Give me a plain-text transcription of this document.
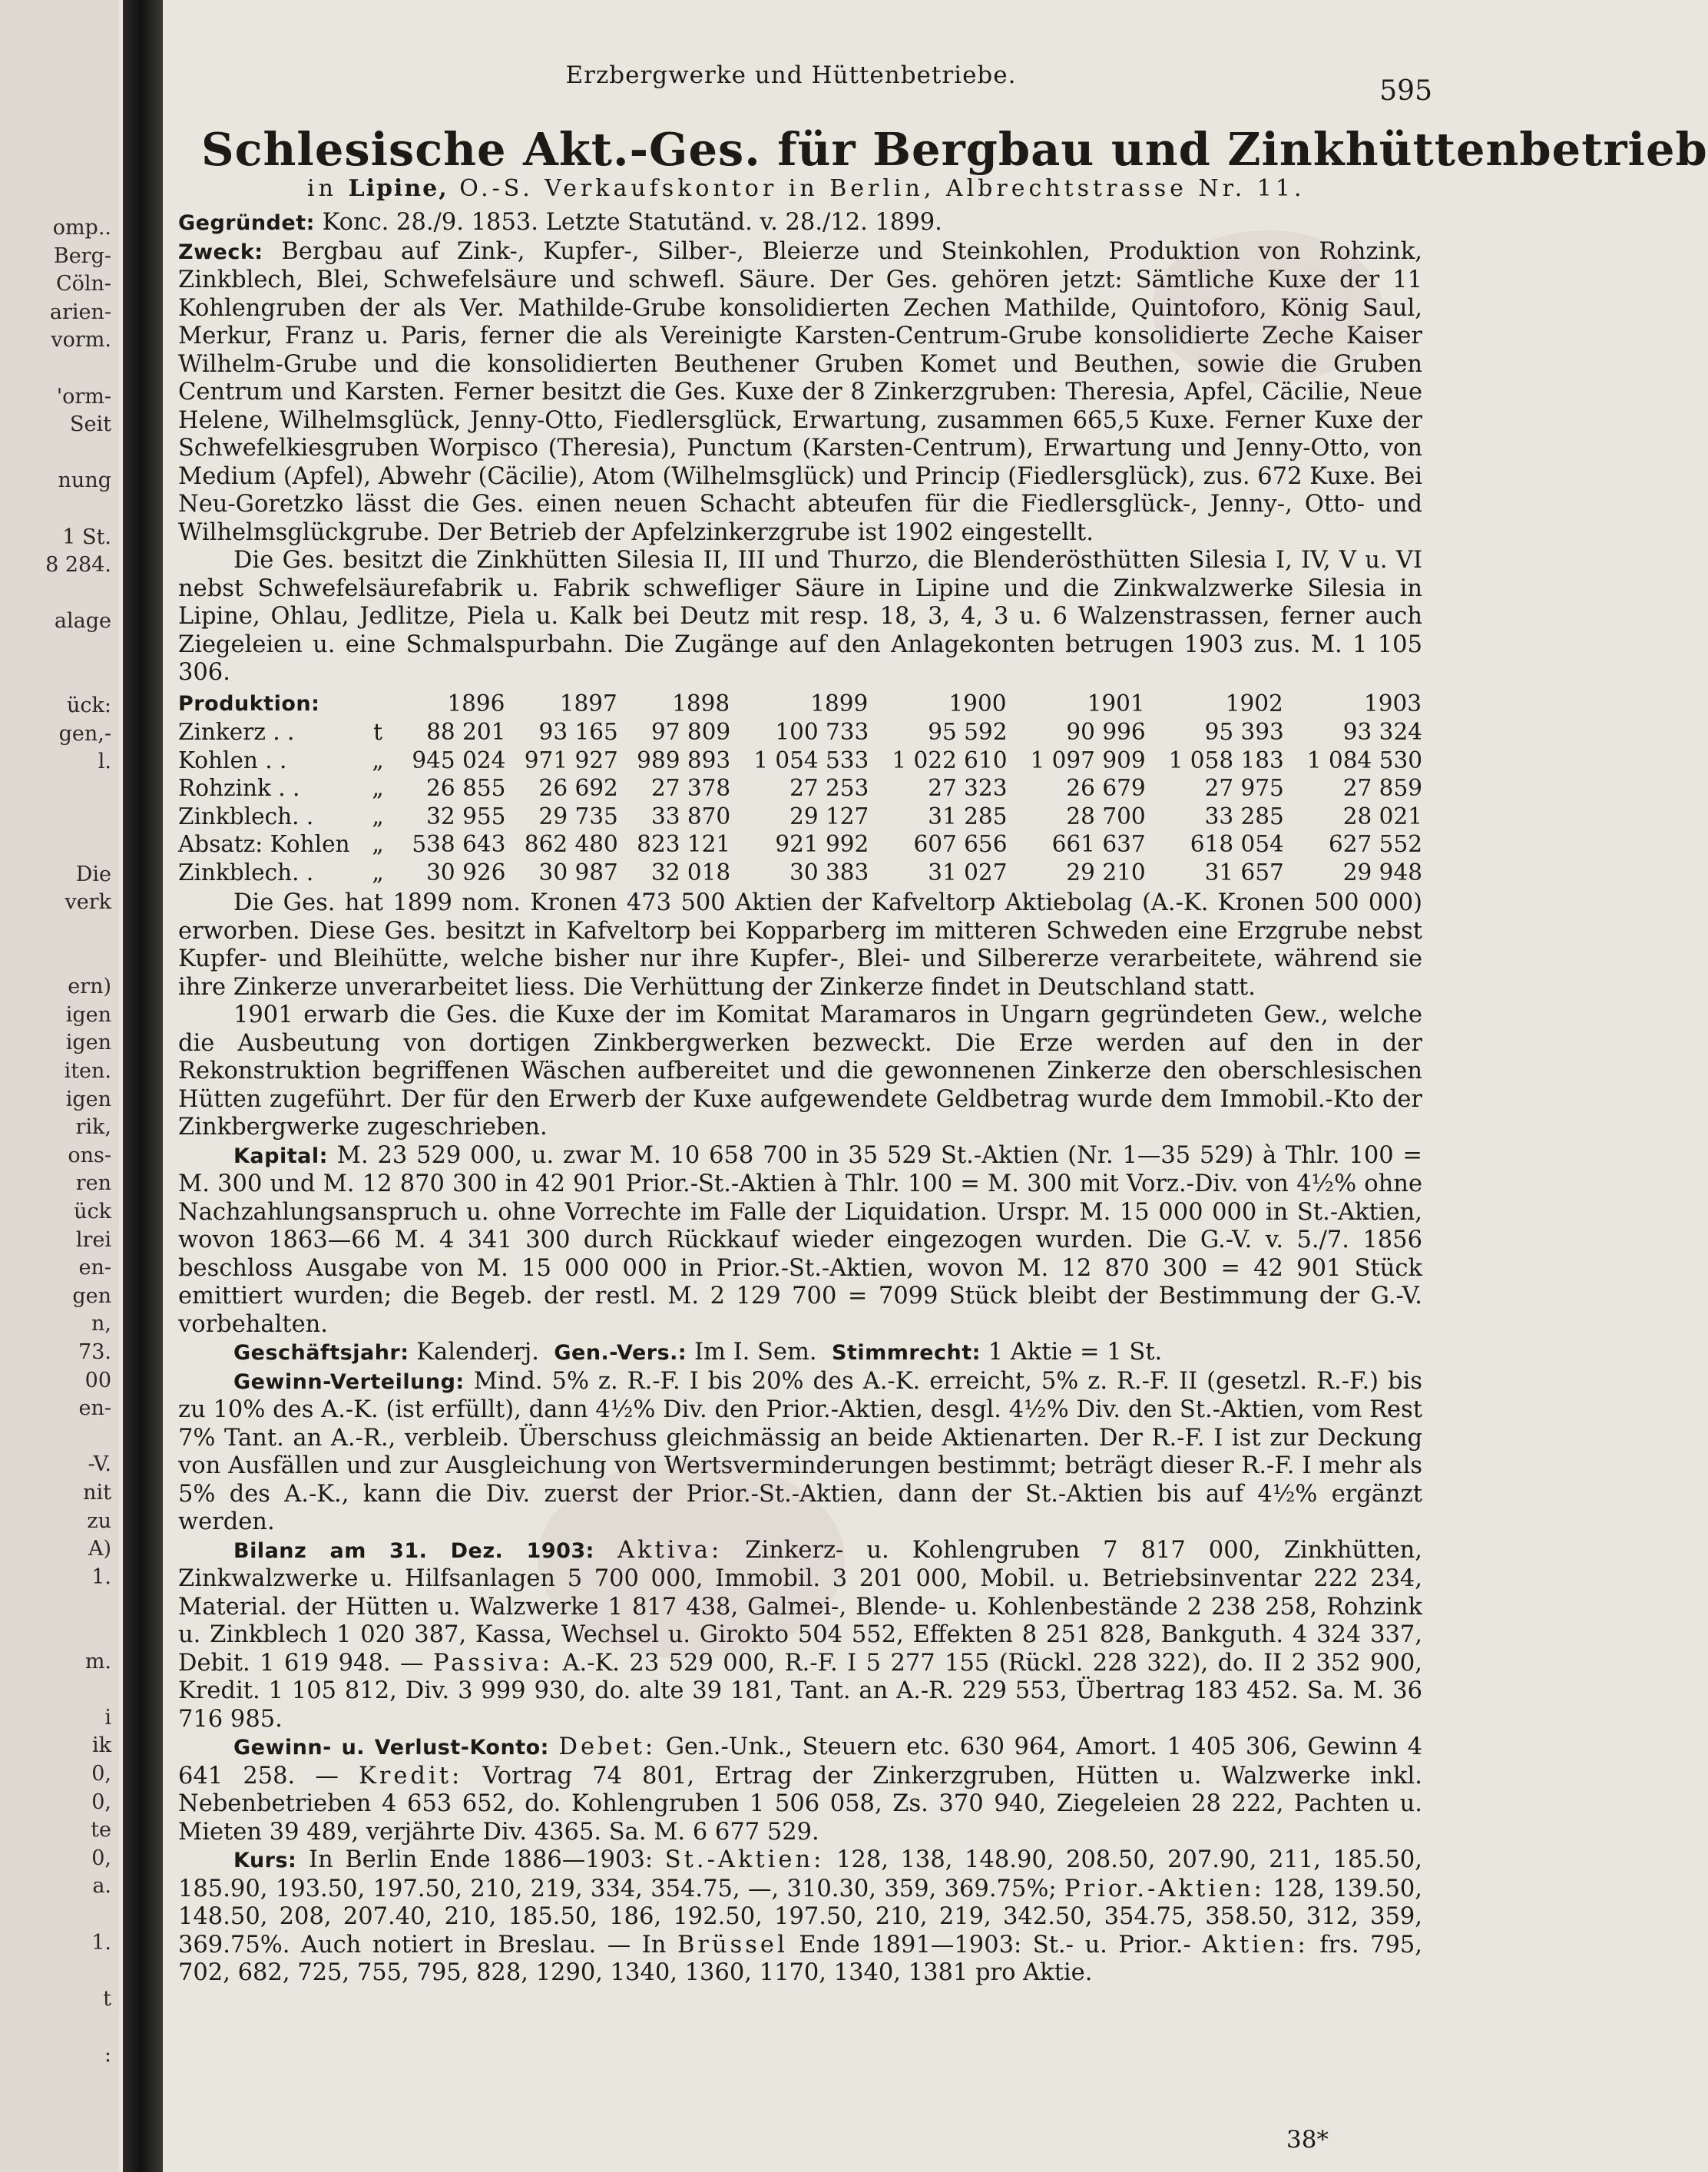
omp..
Berg-
Cöln-
arien-
vorm.
'orm-
Seit
nung
1 St.
8 284.
alage
ück:
gen,-
l.
Die
verk
ern)
igen
igen
iten.
igen
rik,
ons-
ren
ück
lrei
en-
gen
n,
73.
00
en-
-V.
nit
zu
A)
1.
m.
i
ik
0,
0,
te
0,
a.
1.
t
:
Erzbergwerke und Hüttenbetriebe.	595
Schlesische Akt.-Ges. für Bergbau und Zinkhüttenbetrieb
in Lipine, O.-S. Verkaufskontor in Berlin, Albrechtstrasse Nr. 11.

Gegründet: Konc. 28./9. 1853. Letzte Statutänd. v. 28./12. 1899.

Zweck: Bergbau auf Zink-, Kupfer-, Silber-, Bleierze und Steinkohlen, Produktion von Rohzink, Zinkblech, Blei, Schwefelsäure und schwefl. Säure. Der Ges. gehören jetzt: Sämtliche Kuxe der 11 Kohlengruben der als Ver. Mathilde-Grube konsolidierten Zechen Mathilde, Quintoforo, König Saul, Merkur, Franz u. Paris, ferner die als Vereinigte Karsten-Centrum-Grube konsolidierte Zeche Kaiser Wilhelm-Grube und die konsolidierten Beuthener Gruben Komet und Beuthen, sowie die Gruben Centrum und Karsten. Ferner besitzt die Ges. Kuxe der 8 Zinkerzgruben: Theresia, Apfel, Cäcilie, Neue Helene, Wilhelmsglück, Jenny-Otto, Fiedlersglück, Erwartung, zusammen 665,5 Kuxe. Ferner Kuxe der Schwefelkiesgruben Worpisco (Theresia), Punctum (Karsten-Centrum), Erwartung und Jenny-Otto, von Medium (Apfel), Abwehr (Cäcilie), Atom (Wilhelmsglück) und Princip (Fiedlersglück), zus. 672 Kuxe. Bei Neu-Goretzko lässt die Ges. einen neuen Schacht abteufen für die Fiedlersglück-, Jenny-, Otto- und Wilhelmsglückgrube. Der Betrieb der Apfelzinkerzgrube ist 1902 eingestellt.

Die Ges. besitzt die Zinkhütten Silesia II, III und Thurzo, die Blenderösthütten Silesia I, IV, V u. VI nebst Schwefelsäurefabrik u. Fabrik schwefliger Säure in Lipine und die Zinkwalzwerke Silesia in Lipine, Ohlau, Jedlitze, Piela u. Kalk bei Deutz mit resp. 18, 3, 4, 3 u. 6 Walzenstrassen, ferner auch Ziegeleien u. eine Schmalspurbahn. Die Zugänge auf den Anlagekonten betrugen 1903 zus. M. 1 105 306.

Produktion:		1896	1897	1898	1899	1900	1901	1902	1903
Zinkerz . .	t	88 201	93 165	97 809	100 733	95 592	90 996	95 393	93 324
Kohlen . .	„	945 024	971 927	989 893	1 054 533	1 022 610	1 097 909	1 058 183	1 084 530
Rohzink . .	„	26 855	26 692	27 378	27 253	27 323	26 679	27 975	27 859
Zinkblech. .	„	32 955	29 735	33 870	29 127	31 285	28 700	33 285	28 021
Absatz: Kohlen	„	538 643	862 480	823 121	921 992	607 656	661 637	618 054	627 552
Zinkblech. .	„	30 926	30 987	32 018	30 383	31 027	29 210	31 657	29 948

Die Ges. hat 1899 nom. Kronen 473 500 Aktien der Kafveltorp Aktiebolag (A.-K. Kronen 500 000) erworben. Diese Ges. besitzt in Kafveltorp bei Kopparberg im mitteren Schweden eine Erzgrube nebst Kupfer- und Bleihütte, welche bisher nur ihre Kupfer-, Blei- und Silbererze verarbeitete, während sie ihre Zinkerze unverarbeitet liess. Die Verhüttung der Zinkerze findet in Deutschland statt.

1901 erwarb die Ges. die Kuxe der im Komitat Maramaros in Ungarn gegründeten Gew., welche die Ausbeutung von dortigen Zinkbergwerken bezweckt. Die Erze werden auf den in der Rekonstruktion begriffenen Wäschen aufbereitet und die gewonnenen Zinkerze den oberschlesischen Hütten zugeführt. Der für den Erwerb der Kuxe aufgewendete Geldbetrag wurde dem Immobil.-Kto der Zinkbergwerke zugeschrieben.

Kapital: M. 23 529 000, u. zwar M. 10 658 700 in 35 529 St.-Aktien (Nr. 1—35 529) à Thlr. 100 = M. 300 und M. 12 870 300 in 42 901 Prior.-St.-Aktien à Thlr. 100 = M. 300 mit Vorz.-Div. von 4½% ohne Nachzahlungsanspruch u. ohne Vorrechte im Falle der Liquidation. Urspr. M. 15 000 000 in St.-Aktien, wovon 1863—66 M. 4 341 300 durch Rückkauf wieder eingezogen wurden. Die G.-V. v. 5./7. 1856 beschloss Ausgabe von M. 15 000 000 in Prior.-St.-Aktien, wovon M. 12 870 300 = 42 901 Stück emittiert wurden; die Begeb. der restl. M. 2 129 700 = 7099 Stück bleibt der Bestimmung der G.-V. vorbehalten.

Geschäftsjahr: Kalenderj. Gen.-Vers.: Im I. Sem. Stimmrecht: 1 Aktie = 1 St.

Gewinn-Verteilung: Mind. 5% z. R.-F. I bis 20% des A.-K. erreicht, 5% z. R.-F. II (gesetzl. R.-F.) bis zu 10% des A.-K. (ist erfüllt), dann 4½% Div. den Prior.-Aktien, desgl. 4½% Div. den St.-Aktien, vom Rest 7% Tant. an A.-R., verbleib. Überschuss gleichmässig an beide Aktienarten. Der R.-F. I ist zur Deckung von Ausfällen und zur Ausgleichung von Wertsverminderungen bestimmt; beträgt dieser R.-F. I mehr als 5% des A.-K., kann die Div. zuerst der Prior.-St.-Aktien, dann der St.-Aktien bis auf 4½% ergänzt werden.

Bilanz am 31. Dez. 1903: Aktiva: Zinkerz- u. Kohlengruben 7 817 000, Zinkhütten, Zinkwalzwerke u. Hilfsanlagen 5 700 000, Immobil. 3 201 000, Mobil. u. Betriebsinventar 222 234, Material. der Hütten u. Walzwerke 1 817 438, Galmei-, Blende- u. Kohlenbestände 2 238 258, Rohzink u. Zinkblech 1 020 387, Kassa, Wechsel u. Girokto 504 552, Effekten 8 251 828, Bankguth. 4 324 337, Debit. 1 619 948. — Passiva: A.-K. 23 529 000, R.-F. I 5 277 155 (Rückl. 228 322), do. II 2 352 900, Kredit. 1 105 812, Div. 3 999 930, do. alte 39 181, Tant. an A.-R. 229 553, Übertrag 183 452. Sa. M. 36 716 985.

Gewinn- u. Verlust-Konto: Debet: Gen.-Unk., Steuern etc. 630 964, Amort. 1 405 306, Gewinn 4 641 258. — Kredit: Vortrag 74 801, Ertrag der Zinkerzgruben, Hütten u. Walzwerke inkl. Nebenbetrieben 4 653 652, do. Kohlengruben 1 506 058, Zs. 370 940, Ziegeleien 28 222, Pachten u. Mieten 39 489, verjährte Div. 4365. Sa. M. 6 677 529.

Kurs: In Berlin Ende 1886—1903: St.-Aktien: 128, 138, 148.90, 208.50, 207.90, 211, 185.50, 185.90, 193.50, 197.50, 210, 219, 334, 354.75, —, 310.30, 359, 369.75%; Prior.-Aktien: 128, 139.50, 148.50, 208, 207.40, 210, 185.50, 186, 192.50, 197.50, 210, 219, 342.50, 354.75, 358.50, 312, 359, 369.75%. Auch notiert in Breslau. — In Brüssel Ende 1891—1903: St.- u. Prior.- Aktien: frs. 795, 702, 682, 725, 755, 795, 828, 1290, 1340, 1360, 1170, 1340, 1381 pro Aktie.

38*
